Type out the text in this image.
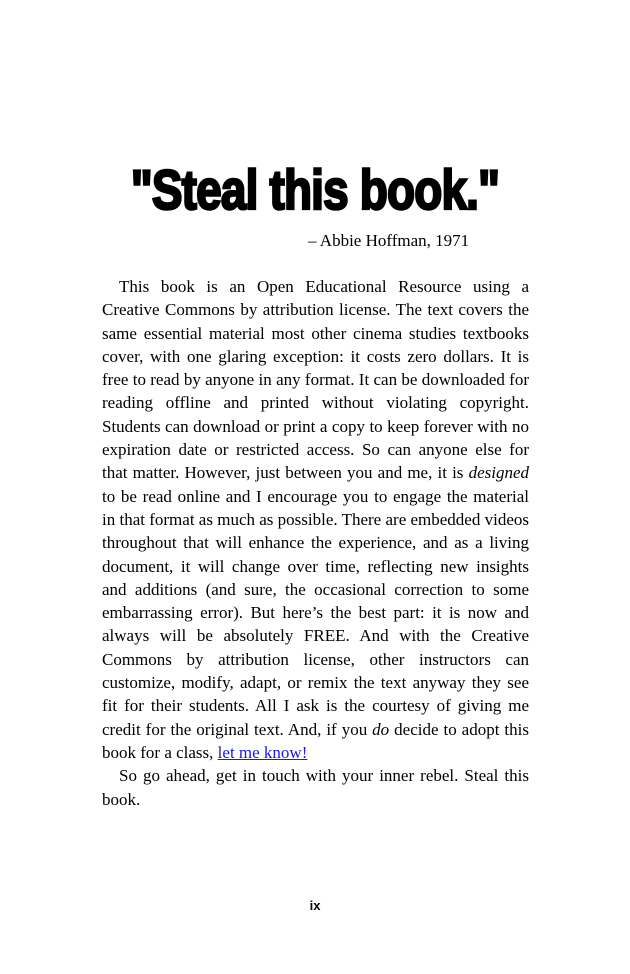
"Steal this book."
– Abbie Hoffman, 1971

This book is an Open Educational Resource using a Creative Commons by attribution license. The text covers the same essential material most other cinema studies textbooks cover, with one glaring exception: it costs zero dollars. It is free to read by anyone in any format. It can be downloaded for reading offline and printed without violating copyright. Students can download or print a copy to keep forever with no expiration date or restricted access. So can anyone else for that matter. However, just between you and me, it is designed to be read online and I encourage you to engage the material in that format as much as possible. There are embedded videos throughout that will enhance the experience, and as a living document, it will change over time, reflecting new insights and additions (and sure, the occasional correction to some embarrassing error). But here’s the best part: it is now and always will be absolutely FREE. And with the Creative Commons by attribution license, other instructors can customize, modify, adapt, or remix the text anyway they see fit for their students. All I ask is the courtesy of giving me credit for the original text. And, if you do decide to adopt this book for a class, let me know!

So go ahead, get in touch with your inner rebel. Steal this book.

ix
